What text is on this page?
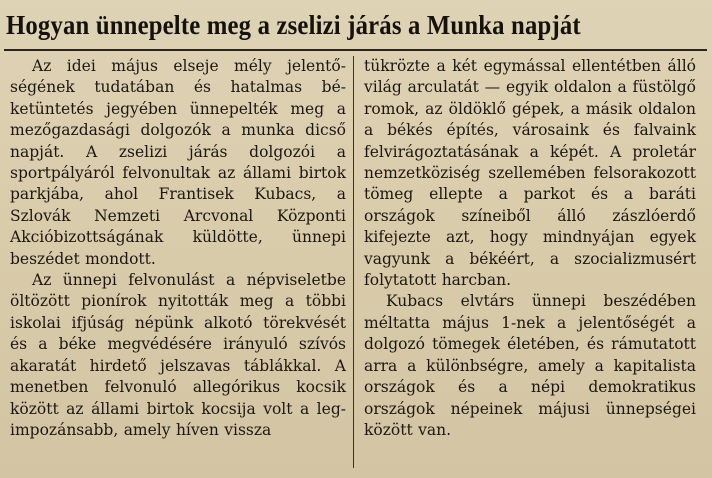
Hogyan ünnepelte meg a zselizi járás a Munka napját

Az idei május elseje mély jelentőségének tudatában és hatalmas béketüntetés jegyében ünnepelték meg a mezőgazdasági dolgozók a munka dicső napját. A zselizi járás dolgozói a sportpályáról felvonultak az állami birtok parkjába, ahol Frantisek Kubacs, a Szlovák Nemzeti Arcvonal Központi Akcióbizottságának küldötte, ünnepi beszédet mondott.

Az ünnepi felvonulást a népviseletbe öltözött pionírok nyitották meg a többi iskolai ifjúság népünk alkotó törekvését és a béke megvédésére irányuló szívós akaratát hirdető jelszavas táblákkal. A menetben felvonuló allegórikus kocsik között az állami birtok kocsija volt a legimpozánsabb, amely híven vissza

tükrözte a két egymással ellentétben álló világ arculatát — egyik oldalon a füstölgő romok, az öldöklő gépek, a másik oldalon a békés építés, városaink és falvaink felvirágoztatásának a képét. A proletár nemzetköziség szellemében felsorakozott tömeg ellepte a parkot és a baráti országok színeiből álló zászlóerdő kifejezte azt, hogy mindnyájan egyek vagyunk a békéért, a szocializmusért folytatott harcban.

Kubacs elvtárs ünnepi beszédében méltatta május 1-nek a jelentőségét a dolgozó tömegek életében, és rámutatott arra a különbségre, amely a kapitalista országok és a népi demokratikus országok népeinek májusi ünnepségei között van.
